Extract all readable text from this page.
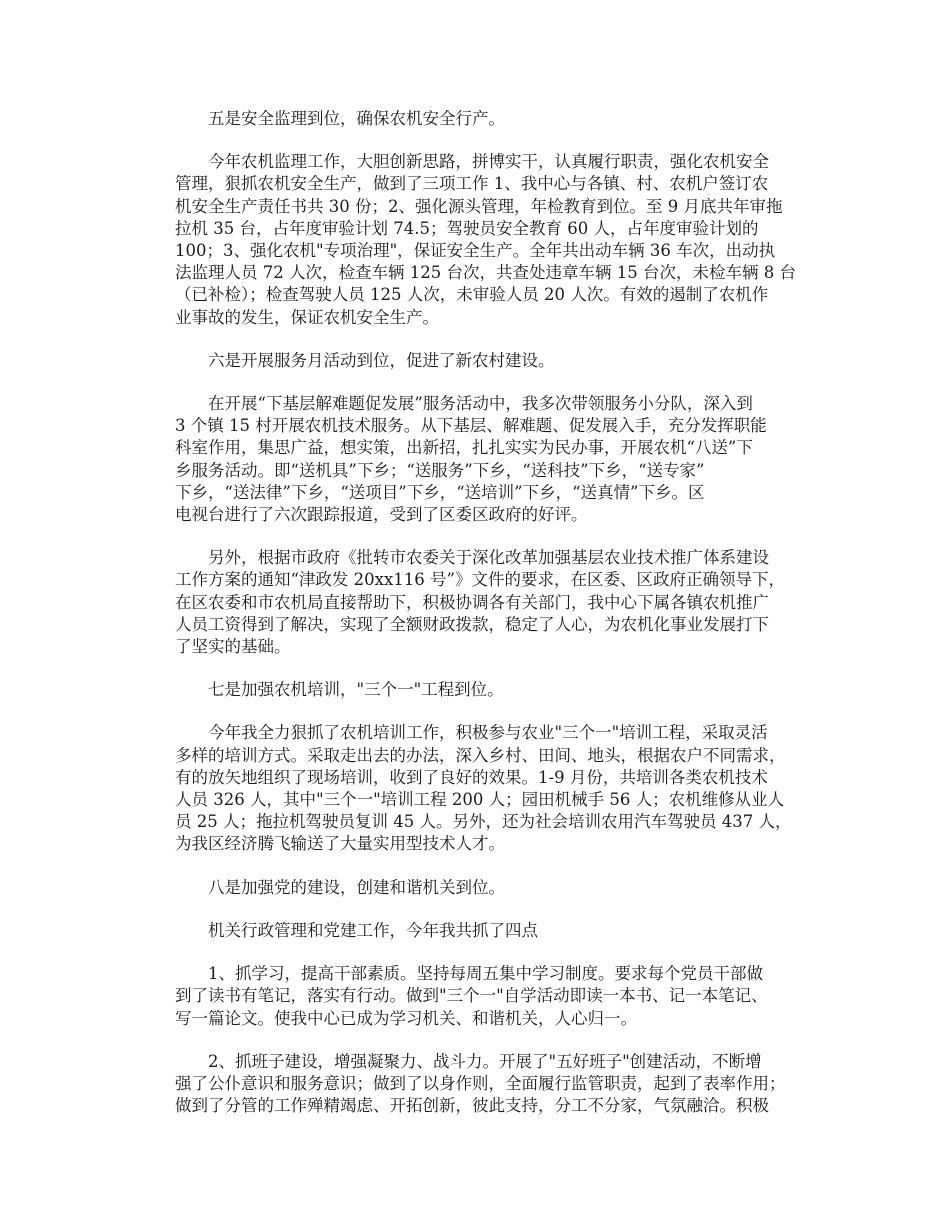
五是安全监理到位，确保农机安全行产。
今年农机监理工作，大胆创新思路，拼博实干，认真履行职责，强化农机安全
管理，狠抓农机安全生产，做到了三项工作 1、我中心与各镇、村、农机户签订农
机安全生产责任书共 30 份；2、强化源头管理，年检教育到位。至 9 月底共年审拖
拉机 35 台，占年度审验计划 74.5；驾驶员安全教育 60 人，占年度审验计划的
100；3、强化农机"专项治理"，保证安全生产。全年共出动车辆 36 车次，出动执
法监理人员 72 人次，检查车辆 125 台次，共查处违章车辆 15 台次，未检车辆 8 台
（已补检）；检查驾驶人员 125 人次，未审验人员 20 人次。有效的遏制了农机作
业事故的发生，保证农机安全生产。
六是开展服务月活动到位，促进了新农村建设。
在开展“下基层解难题促发展”服务活动中，我多次带领服务小分队，深入到
3 个镇 15 村开展农机技术服务。从下基层、解难题、促发展入手，充分发挥职能
科室作用，集思广益，想实策，出新招，扎扎实实为民办事，开展农机“八送”下
乡服务活动。即“送机具”下乡；“送服务”下乡，“送科技”下乡，“送专家”
下乡，“送法律”下乡，“送项目”下乡，“送培训”下乡，“送真情”下乡。区
电视台进行了六次跟踪报道，受到了区委区政府的好评。
另外，根据市政府《批转市农委关于深化改革加强基层农业技术推广体系建设
工作方案的通知“津政发 20xx116 号”》文件的要求，在区委、区政府正确领导下，
在区农委和市农机局直接帮助下，积极协调各有关部门，我中心下属各镇农机推广
人员工资得到了解决，实现了全额财政拨款，稳定了人心，为农机化事业发展打下
了坚实的基础。
七是加强农机培训，"三个一"工程到位。
今年我全力狠抓了农机培训工作，积极参与农业"三个一"培训工程，采取灵活
多样的培训方式。采取走出去的办法，深入乡村、田间、地头，根据农户不同需求，
有的放矢地组织了现场培训，收到了良好的效果。1-9 月份，共培训各类农机技术
人员 326 人，其中"三个一"培训工程 200 人；园田机械手 56 人；农机维修从业人
员 25 人；拖拉机驾驶员复训 45 人。另外，还为社会培训农用汽车驾驶员 437 人，
为我区经济腾飞输送了大量实用型技术人才。
八是加强党的建设，创建和谐机关到位。
机关行政管理和党建工作，今年我共抓了四点
1、抓学习，提高干部素质。坚持每周五集中学习制度。要求每个党员干部做
到了读书有笔记，落实有行动。做到"三个一"自学活动即读一本书、记一本笔记、
写一篇论文。使我中心已成为学习机关、和谐机关，人心归一。
2、抓班子建设，增强凝聚力、战斗力。开展了"五好班子"创建活动，不断增
强了公仆意识和服务意识；做到了以身作则，全面履行监管职责，起到了表率作用；
做到了分管的工作殚精竭虑、开拓创新，彼此支持，分工不分家，气氛融洽。积极
